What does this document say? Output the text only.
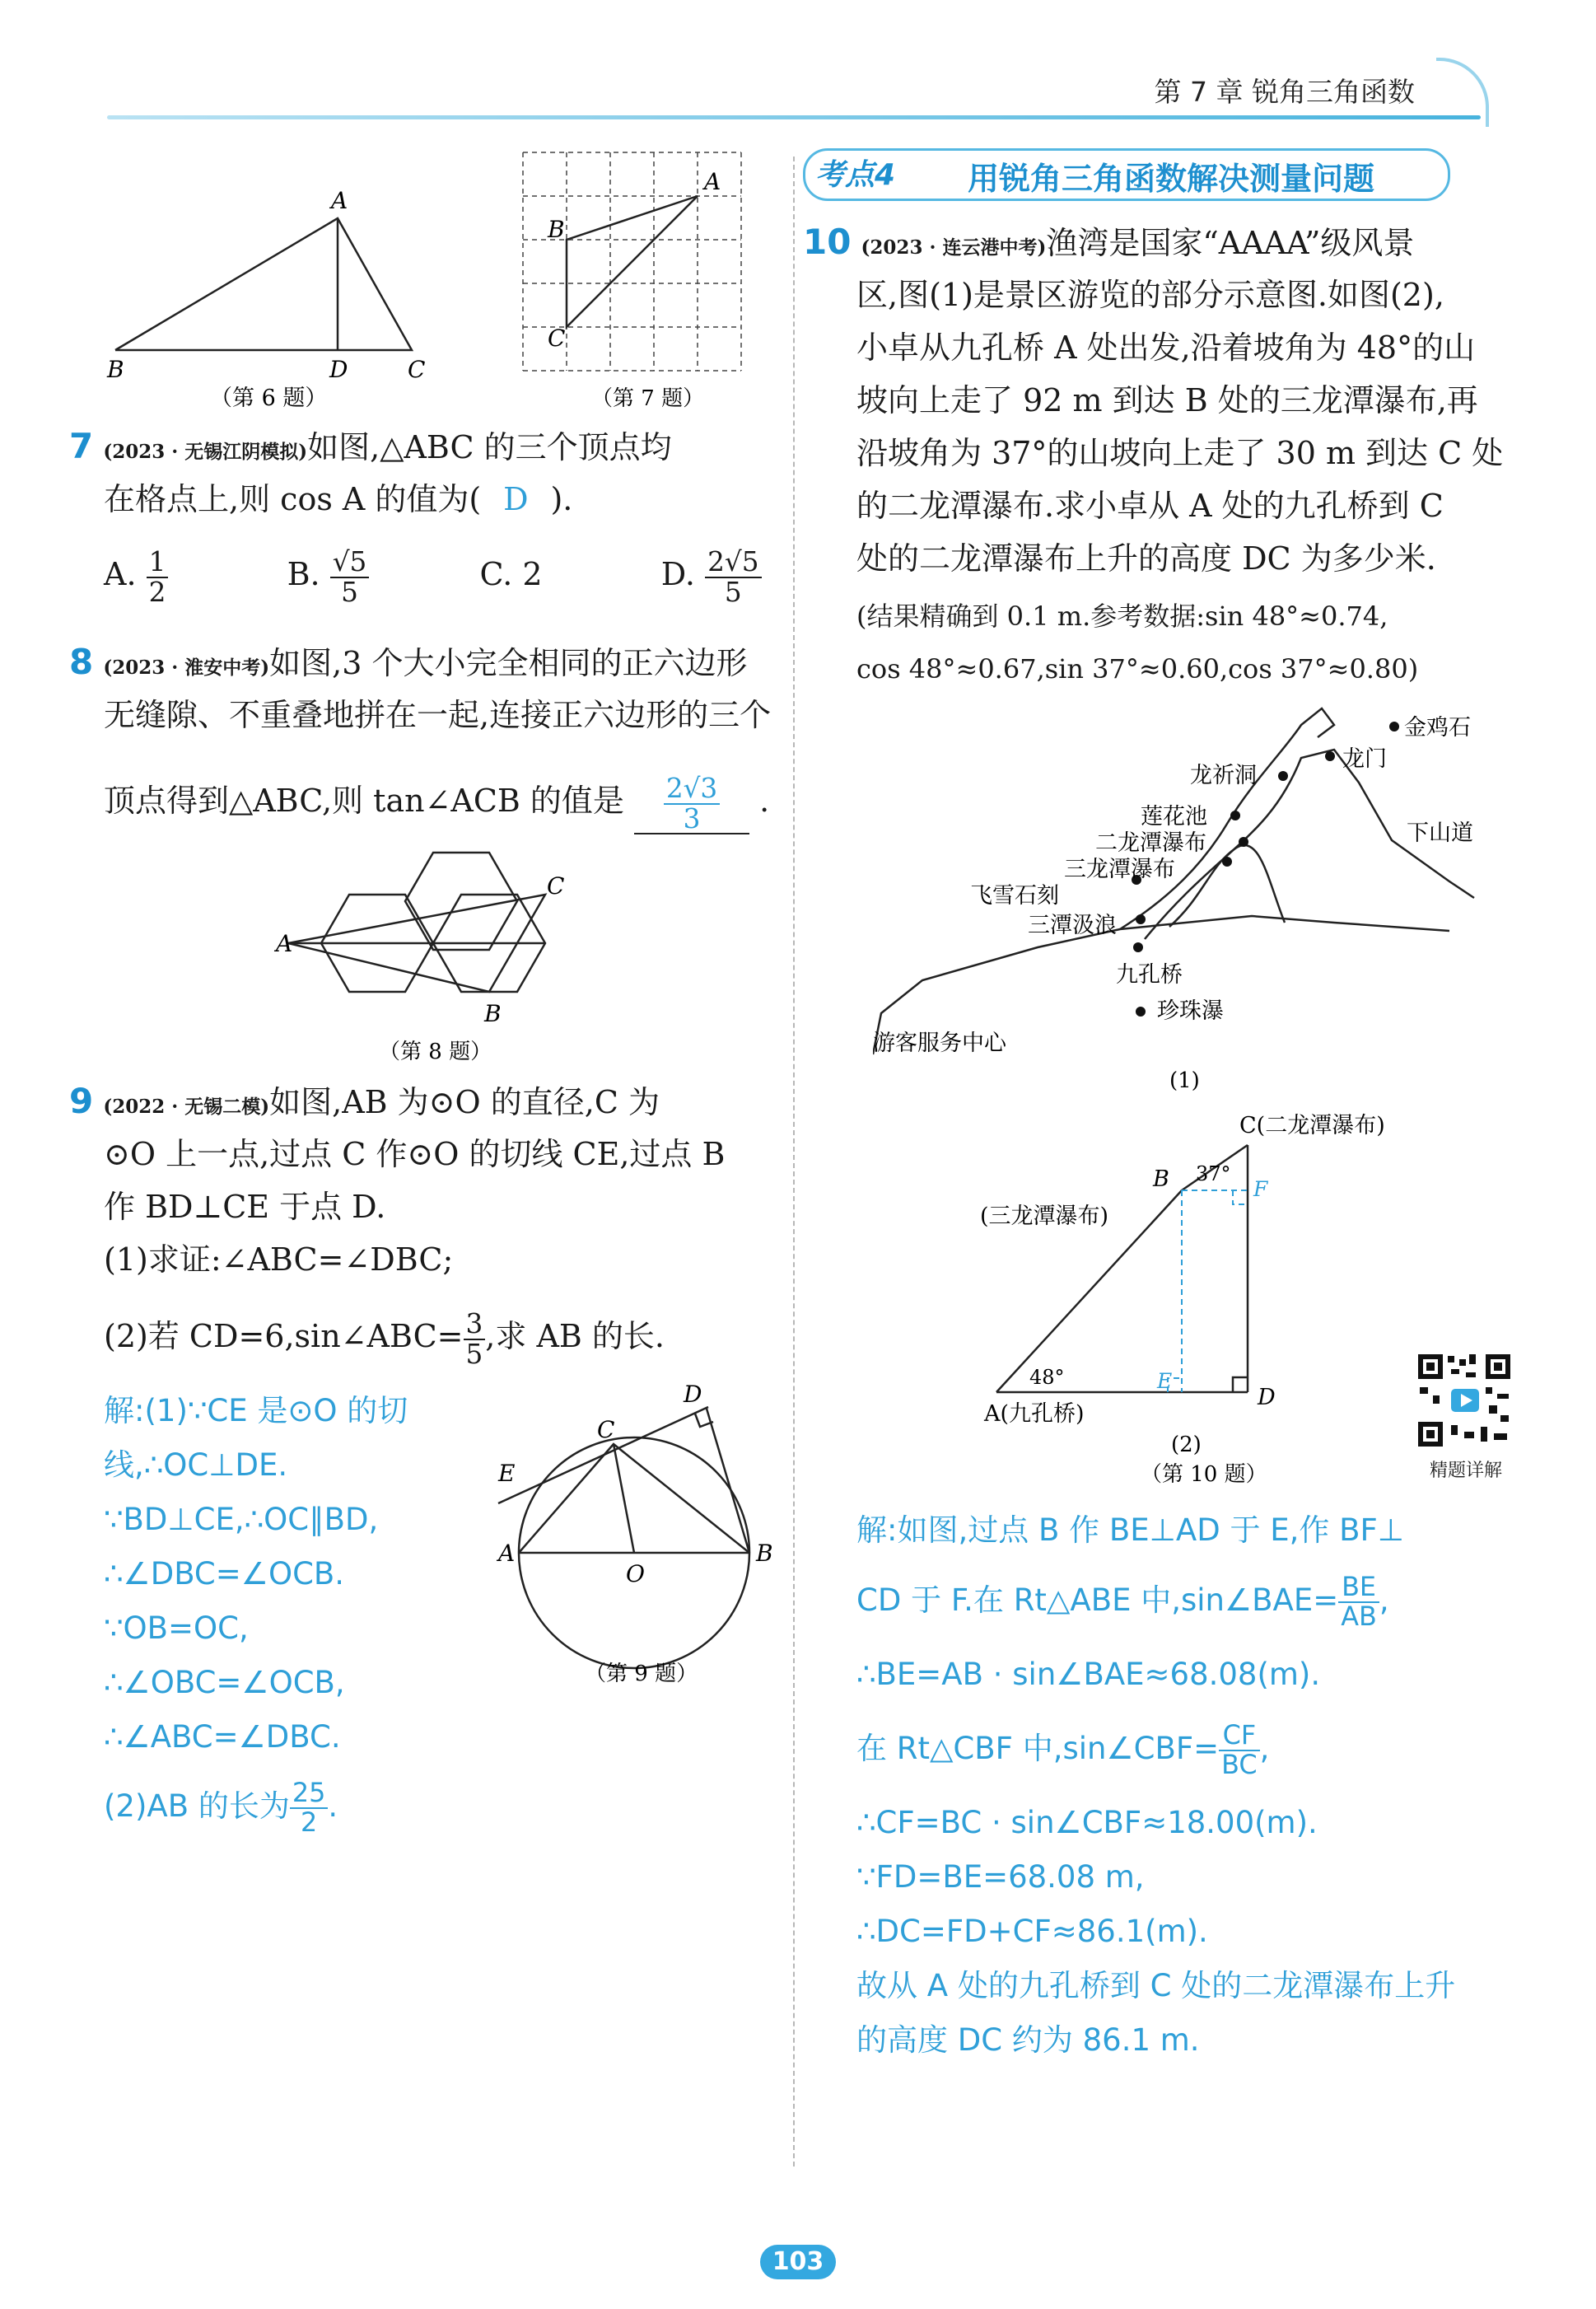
第 7 章 锐角三角函数
A
B	D	C
（第 6 题）
A
B
C
（第 7 题）
7 (2023 · 无锡江阴模拟)如图,△ABC 的三个顶点均
在格点上,则 cos A 的值为( D ).
A. $\frac{1}{2}$	B. $\frac{√5}{5}$	C. 2	D. $\frac{2√5}{5}$
8 (2023 · 淮安中考)如图,3 个大小完全相同的正六边形
无缝隙、不重叠地拼在一起,连接正六边形的三个
顶点得到△ABC,则 tan∠ACB 的值是 $\frac{2√3}{3}$ .
A
B
C
（第 8 题）
9 (2022 · 无锡二模)如图,AB 为⊙O 的直径,C 为
⊙O 上一点,过点 C 作⊙O 的切线 CE,过点 B
作 BD⊥CE 于点 D.
(1)求证:∠ABC=∠DBC;
(2)若 CD=6,sin∠ABC= $\frac{3}{5}$ ,求 AB 的长.
解:(1)∵CE 是⊙O 的切
线,∴OC⊥DE.
∵BD⊥CE,∴OC∥BD,
∴∠DBC=∠OCB.
∵OB=OC,
∴∠OBC=∠OCB,
∴∠ABC=∠DBC.
(2)AB 的长为 $\frac{25}{2}$ .
D
C
E
A
O
B
（第 9 题）
考点4 用锐角三角函数解决测量问题
10 (2023 · 连云港中考)渔湾是国家“AAAA”级风景
区,图(1)是景区游览的部分示意图.如图(2),
小卓从九孔桥 A 处出发,沿着坡角为 48°的山
坡向上走了 92 m 到达 B 处的三龙潭瀑布,再
沿坡角为 37°的山坡向上走了 30 m 到达 C 处
的二龙潭瀑布.求小卓从 A 处的九孔桥到 C
处的二龙潭瀑布上升的高度 DC 为多少米.
(结果精确到 0.1 m.参考数据:sin 48°≈0.74,
cos 48°≈0.67,sin 37°≈0.60,cos 37°≈0.80)
金鸡石
龙门
龙祈洞
莲花池
下山道
二龙潭瀑布
三龙潭瀑布
飞雪石刻
三潭汲浪
九孔桥
珍珠瀑
游客服务中心
(1)
C(二龙潭瀑布)
B 37°
F
(三龙潭瀑布)
48°	E
D
A(九孔桥)
(2)
（第 10 题）	精题详解
解:如图,过点 B 作 BE⊥AD 于 E,作 BF⊥
CD 于 F.在 Rt△ABE 中,sin∠BAE= $\frac{BE}{AB}$ ,
∴BE=AB · sin∠BAE≈68.08(m).
在 Rt△CBF 中,sin∠CBF= $\frac{CF}{BC}$ ,
∴CF=BC · sin∠CBF≈18.00(m).
∵FD=BE=68.08 m,
∴DC=FD+CF≈86.1(m).
故从 A 处的九孔桥到 C 处的二龙潭瀑布上升
的高度 DC 约为 86.1 m.
103
